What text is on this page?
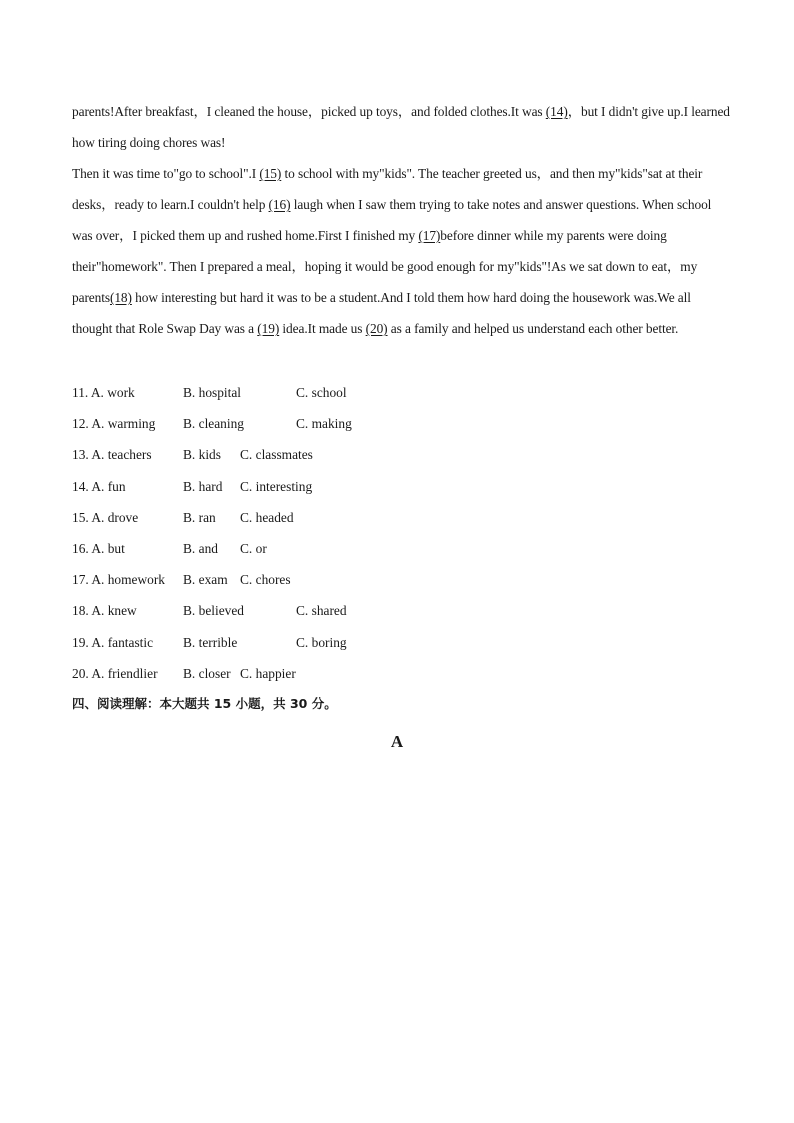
parents!After breakfast，I cleaned the house，picked up toys，and folded clothes.It was (14)，but I didn't give up.I learned how tiring doing chores was!
Then it was time to"go to school".I (15) to school with my"kids". The teacher greeted us，and then my"kids"sat at their desks，ready to learn.I couldn't help (16) laugh when I saw them trying to take notes and answer questions. When school was over，I picked them up and rushed home.First I finished my (17)before dinner while my parents were doing their"homework". Then I prepared a meal，hoping it would be good enough for my"kids"!As we sat down to eat，my parents(18) how interesting but hard it was to be a student.And I told them how hard doing the housework was.We all thought that Role Swap Day was a (19) idea.It made us (20) as a family and helped us understand each other better.
11. A. work	B. hospital	C. school
12. A. warming B. cleaning	C. making
13. A. teachers B. kids C. classmates
14. A. fun	B. hard C. interesting
15. A. drove	B. ran C. headed
16. A. but	B. and C. or
17. A. homework B. exam C. chores
18. A. knew	B. believed	C. shared
19. A. fantastic B. terrible	C. boring
20. A. friendlier B. closer C. happier
四、阅读理解：本大题共 15 小题，共 30 分。
A
